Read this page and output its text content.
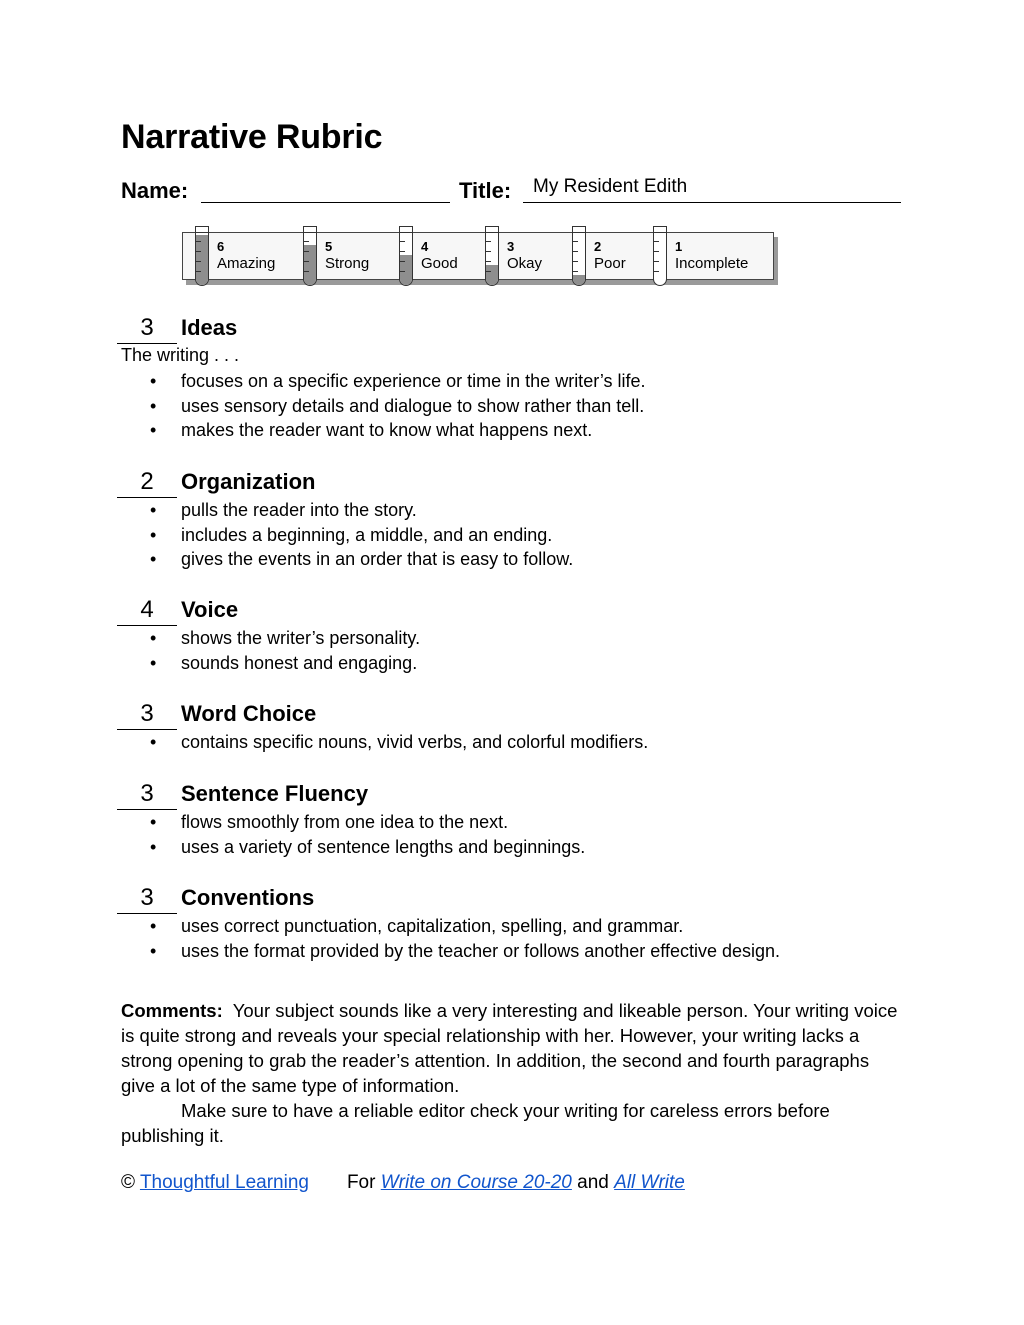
Narrative Rubric
Name:	Title: My Resident Edith
6
Amazing
5
Strong
4
Good
3
Okay
2
Poor
1
Incomplete
3	Ideas
The writing . . .
• focuses on a specific experience or time in the writer’s life.
• uses sensory details and dialogue to show rather than tell.
• makes the reader want to know what happens next.
2	Organization
• pulls the reader into the story.
• includes a beginning, a middle, and an ending.
• gives the events in an order that is easy to follow.
4	Voice
• shows the writer’s personality.
• sounds honest and engaging.
3	Word Choice
• contains specific nouns, vivid verbs, and colorful modifiers.
3	Sentence Fluency
• flows smoothly from one idea to the next.
• uses a variety of sentence lengths and beginnings.
3	Conventions
• uses correct punctuation, capitalization, spelling, and grammar.
• uses the format provided by the teacher or follows another effective design.
Comments: Your subject sounds like a very interesting and likeable person. Your writing voice is quite strong and reveals your special relationship with her. However, your writing lacks a strong opening to grab the reader’s attention. In addition, the second and fourth paragraphs give a lot of the same type of information.
Make sure to have a reliable editor check your writing for careless errors before publishing it.
© Thoughtful Learning For Write on Course 20-20 and All Write
